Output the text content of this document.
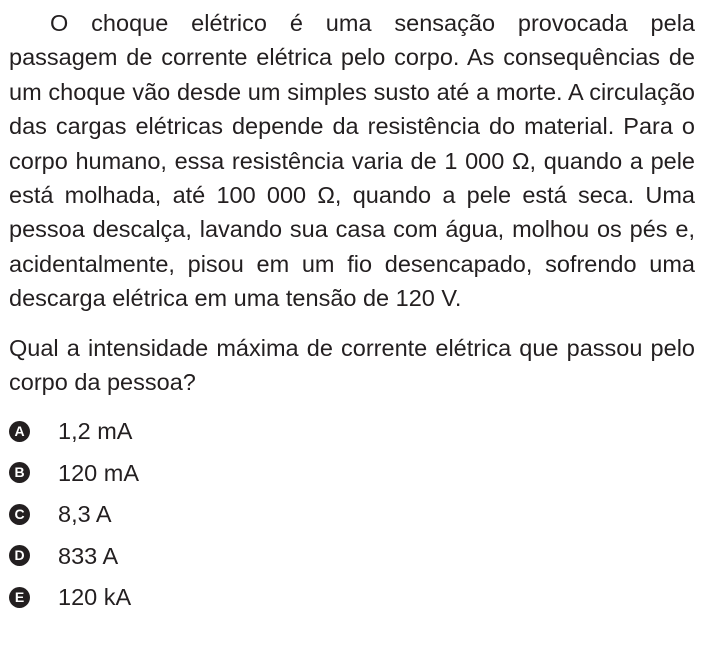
O choque elétrico é uma sensação provocada pela passagem de corrente elétrica pelo corpo. As consequências de um choque vão desde um simples susto até a morte. A circulação das cargas elétricas depende da resistência do material. Para o corpo humano, essa resistência varia de 1 000 Ω, quando a pele está molhada, até 100 000 Ω, quando a pele está seca. Uma pessoa descalça, lavando sua casa com água, molhou os pés e, acidentalmente, pisou em um fio desencapado, sofrendo uma descarga elétrica em uma tensão de 120 V.

Qual a intensidade máxima de corrente elétrica que passou pelo corpo da pessoa?

A 1,2 mA
B 120 mA
C 8,3 A
D 833 A
E 120 kA
